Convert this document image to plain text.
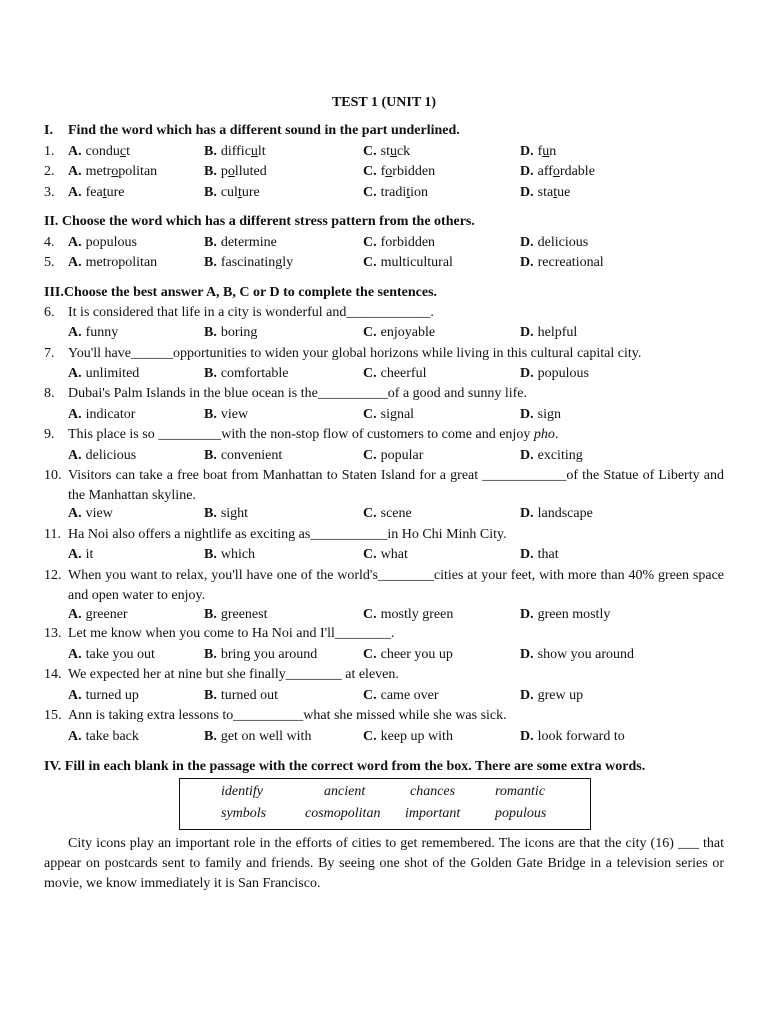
TEST 1 (UNIT 1)
I. Find the word which has a different sound in the part underlined.
1. A. conduct	B. difficult	C. stuck	D. fun
2. A. metropolitan	B. polluted	C. forbidden	D. affordable
3. A. feature	B. culture	C. tradition	D. statue
II. Choose the word which has a different stress pattern from the others.
4. A. populous	B. determine	C. forbidden	D. delicious
5. A. metropolitan	B. fascinatingly	C. multicultural	D. recreational
III.Choose the best answer A, B, C or D to complete the sentences.
6. It is considered that life in a city is wonderful and____________.
A. funny	B. boring	C. enjoyable	D. helpful
7. You'll have______opportunities to widen your global horizons while living in this cultural capital city.
A. unlimited	B. comfortable	C. cheerful	D. populous
8. Dubai's Palm Islands in the blue ocean is the__________of a good and sunny life.
A. indicator	B. view	C. signal	D. sign
9. This place is so _________with the non-stop flow of customers to come and enjoy pho.
A. delicious	B. convenient	C. popular	D. exciting
10. Visitors can take a free boat from Manhattan to Staten Island for a great ____________of the Statue of Liberty and the Manhattan skyline.
A. view	B. sight	C. scene	D. landscape
11. Ha Noi also offers a nightlife as exciting as___________in Ho Chi Minh City.
A. it	B. which	C. what	D. that
12. When you want to relax, you'll have one of the world's________cities at your feet, with more than 40% green space and open water to enjoy.
A. greener	B. greenest	C. mostly green	D. green mostly
13. Let me know when you come to Ha Noi and I'll________.
A. take you out	B. bring you around	C. cheer you up	D. show you around
14. We expected her at nine but she finally________ at eleven.
A. turned up	B. turned out	C. came over	D. grew up
15. Ann is taking extra lessons to__________what she missed while she was sick.
A. take back	B. get on well with	C. keep up with	D. look forward to
IV. Fill in each blank in the passage with the correct word from the box. There are some extra words.
identify	ancient	chances	romantic
symbols	cosmopolitan important populous
City icons play an important role in the efforts of cities to get remembered. The icons are that the city (16) ___ that appear on postcards sent to family and friends. By seeing one shot of the Golden Gate Bridge in a television series or movie, we know immediately it is San Francisco.
